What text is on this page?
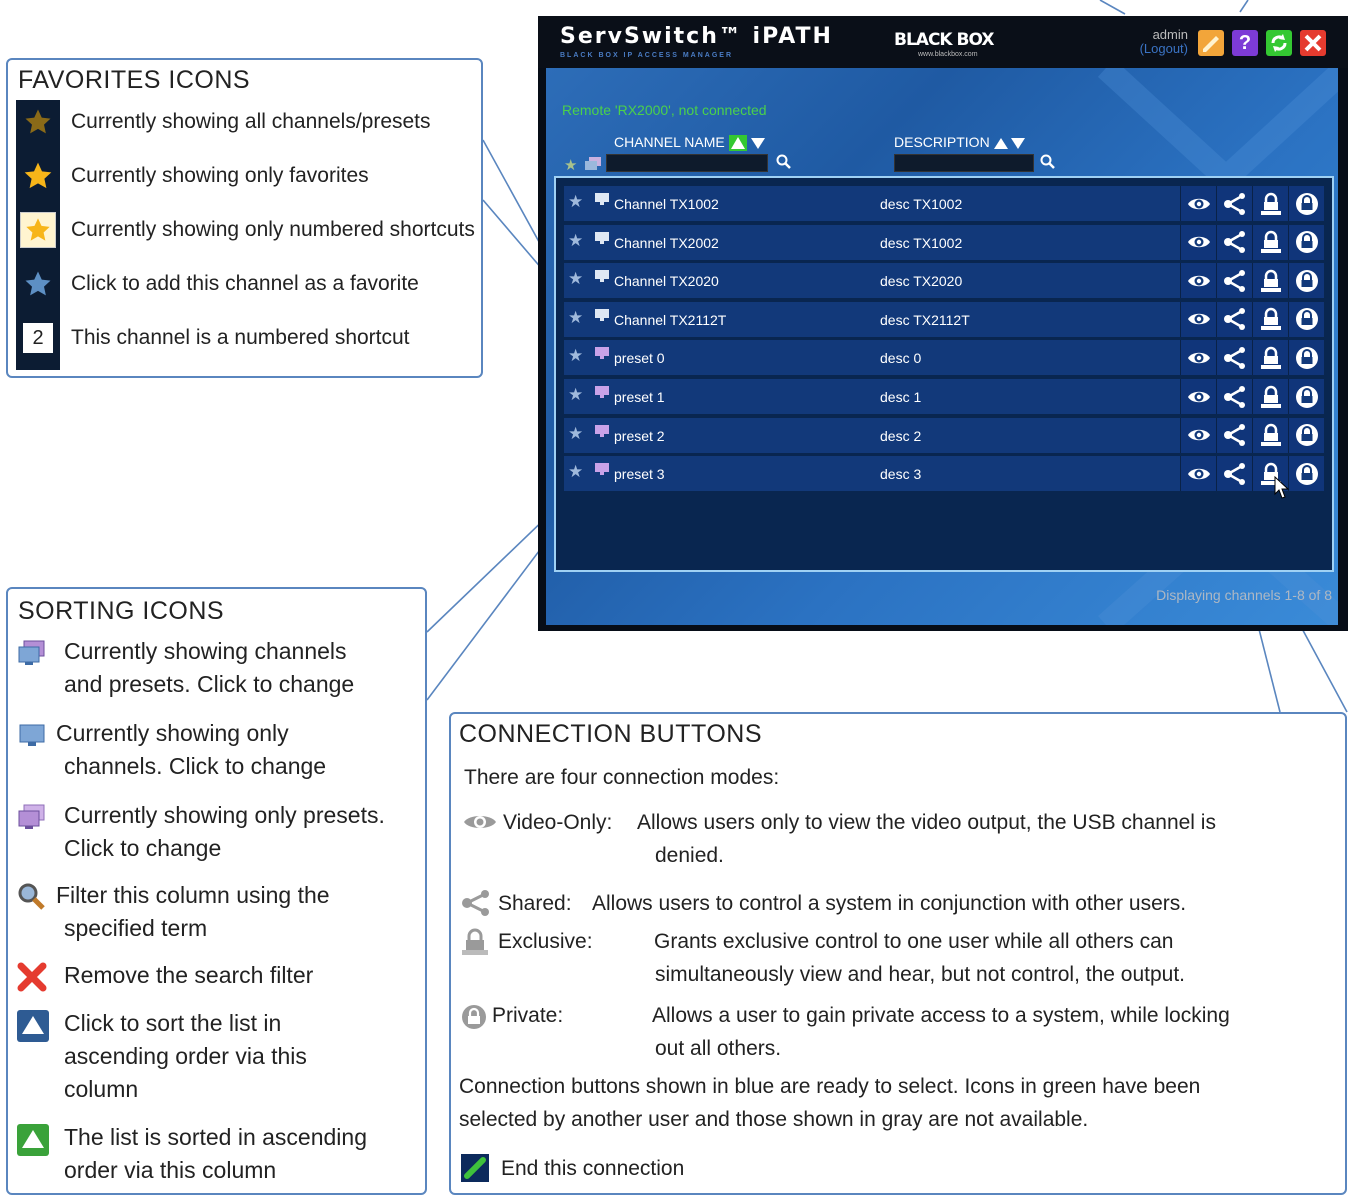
FAVORITES ICONS
Currently showing all channels/presets
Currently showing only favorites
Currently showing only numbered shortcuts
Click to add this channel as a favorite
2	This channel is a numbered shortcut
SORTING ICONS
Currently showing channels
and presets. Click to change
Currently showing only
channels. Click to change
Currently showing only presets.
Click to change
Filter this column using the
specified term
Remove the search filter
Click to sort the list in
ascending order via this
column
The list is sorted in ascending
order via this column
CONNECTION BUTTONS
There are four connection modes:
Video-Only: Allows users only to view the video output, the USB channel is
denied.
Shared: Allows users to control a system in conjunction with other users.
Exclusive:	Grants exclusive control to one user while all others can
simultaneously view and hear, but not control, the output.
Private:	Allows a user to gain private access to a system, while locking
out all others.
Connection buttons shown in blue are ready to select. Icons in green have been
selected by another user and those shown in gray are not available.
End this connection
ServSwitch™ iPATH
BLACK BOX IP ACCESS MANAGER
BLACK BOX
www.blackbox.com
admin
(Logout)	?
Remote 'RX2000', not connected
CHANNEL NAME
	DESCRIPTION
★
★ Channel TX1002	desc TX1002
★ Channel TX2002	desc TX1002
★ Channel TX2020	desc TX2020
★ Channel TX2112T	desc TX2112T
★ preset 0	desc 0
★ preset 1	desc 1
★ preset 2	desc 2
★ preset 3	desc 3
Displaying channels 1-8 of 8
